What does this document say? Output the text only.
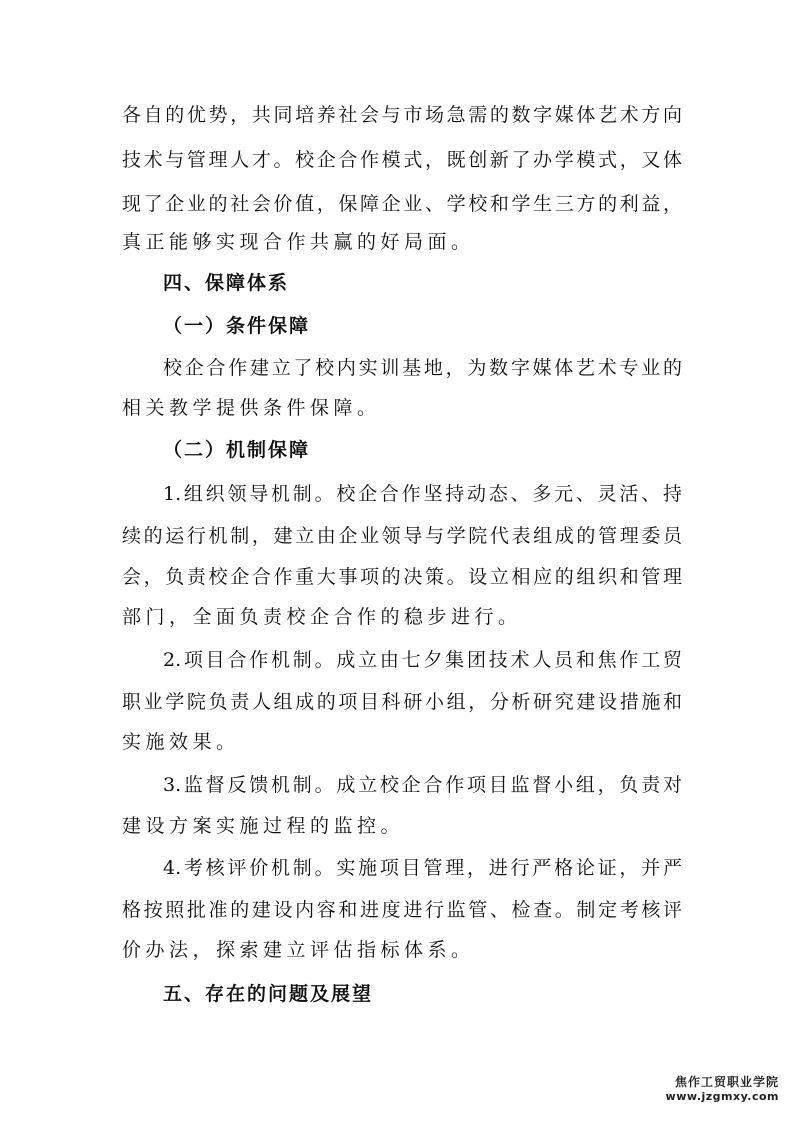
各自的优势，共同培养社会与市场急需的数字媒体艺术方向
技术与管理人才。校企合作模式，既创新了办学模式，又体
现了企业的社会价值，保障企业、学校和学生三方的利益，
真正能够实现合作共赢的好局面。
四、保障体系
（一）条件保障
校企合作建立了校内实训基地，为数字媒体艺术专业的
相关教学提供条件保障。
（二）机制保障
1.组织领导机制。校企合作坚持动态、多元、灵活、持
续的运行机制，建立由企业领导与学院代表组成的管理委员
会，负责校企合作重大事项的决策。设立相应的组织和管理
部门，全面负责校企合作的稳步进行。
2.项目合作机制。成立由七夕集团技术人员和焦作工贸
职业学院负责人组成的项目科研小组，分析研究建设措施和
实施效果。
3.监督反馈机制。成立校企合作项目监督小组，负责对
建设方案实施过程的监控。
4.考核评价机制。实施项目管理，进行严格论证，并严
格按照批准的建设内容和进度进行监管、检查。制定考核评
价办法，探索建立评估指标体系。
五、存在的问题及展望
焦作工贸职业学院
www.jzgmxy.com
